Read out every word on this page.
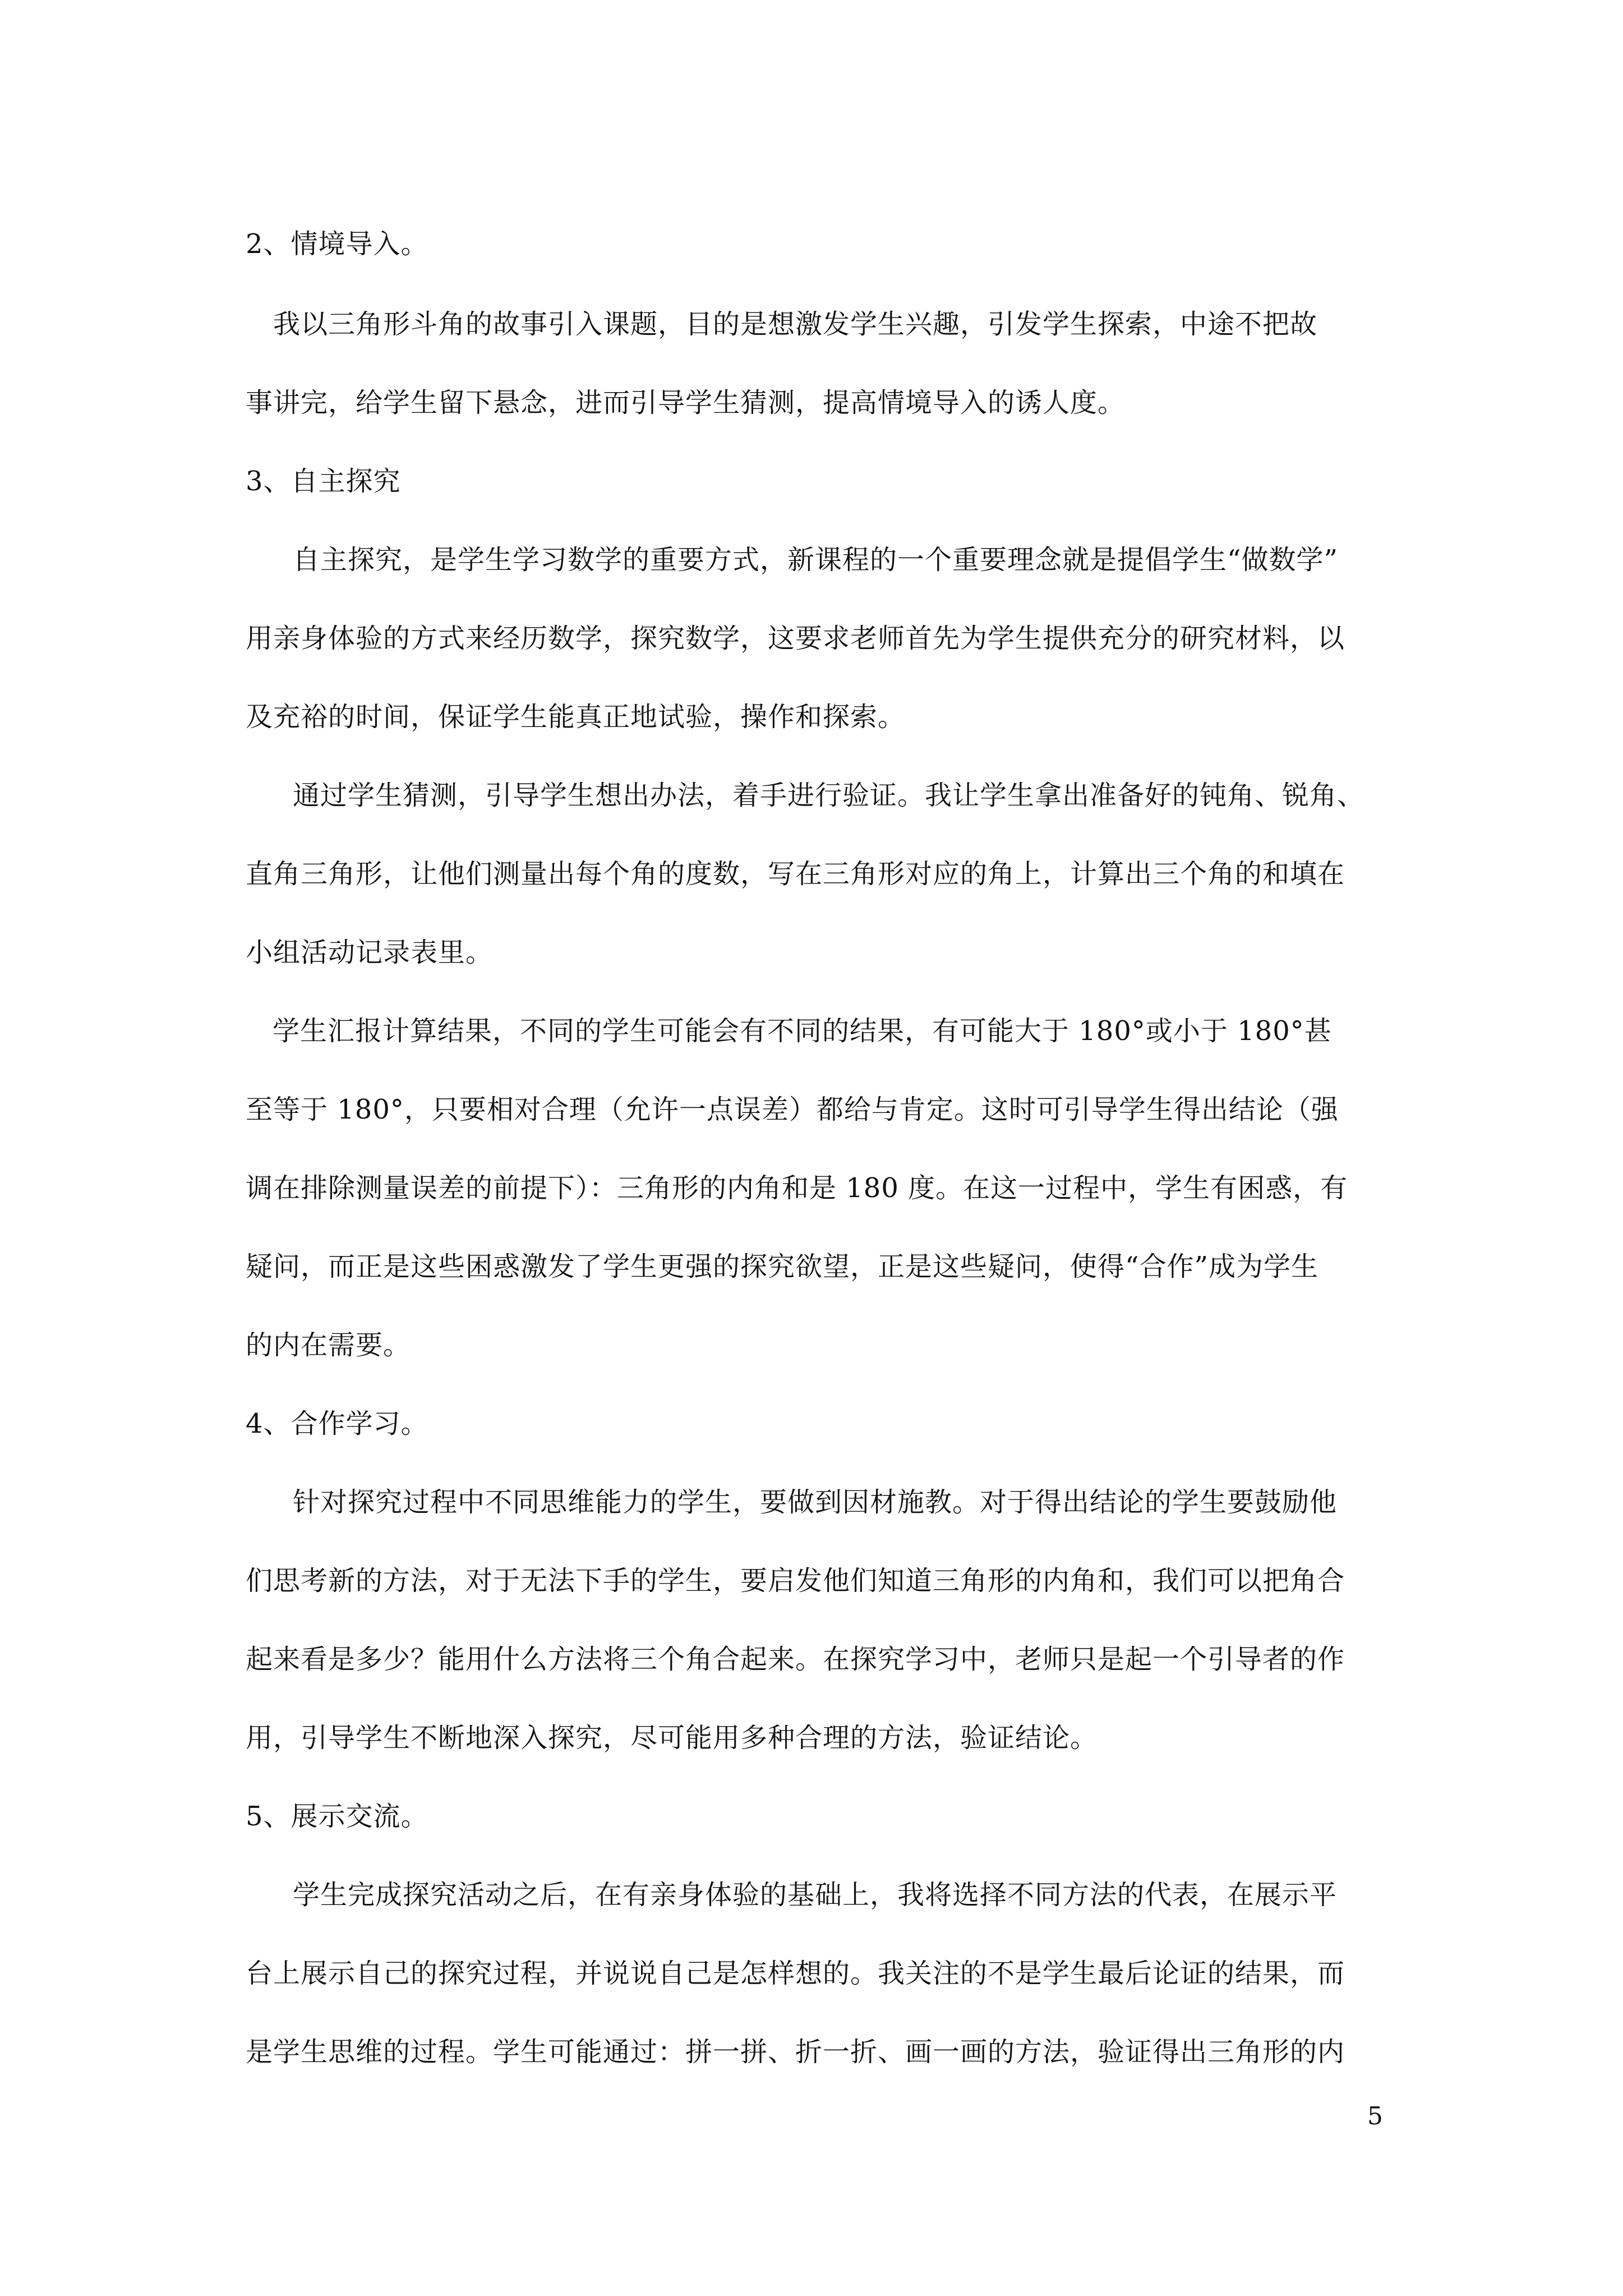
2、情境导入。
　我以三角形斗角的故事引入课题，目的是想激发学生兴趣，引发学生探索，中途不把故
事讲完，给学生留下悬念，进而引导学生猜测，提高情境导入的诱人度。
3、自主探究
自主探究，是学生学习数学的重要方式，新课程的一个重要理念就是提倡学生“做数学”
用亲身体验的方式来经历数学，探究数学，这要求老师首先为学生提供充分的研究材料，以
及充裕的时间，保证学生能真正地试验，操作和探索。
通过学生猜测，引导学生想出办法，着手进行验证。我让学生拿出准备好的钝角、锐角、
直角三角形，让他们测量出每个角的度数，写在三角形对应的角上，计算出三个角的和填在
小组活动记录表里。
学生汇报计算结果，不同的学生可能会有不同的结果，有可能大于 180°或小于 180°甚
至等于 180°，只要相对合理（允许一点误差）都给与肯定。这时可引导学生得出结论（强
调在排除测量误差的前提下）：三角形的内角和是 180 度。在这一过程中，学生有困惑，有
疑问，而正是这些困惑激发了学生更强的探究欲望，正是这些疑问，使得“合作”成为学生
的内在需要。
4、合作学习。
针对探究过程中不同思维能力的学生，要做到因材施教。对于得出结论的学生要鼓励他
们思考新的方法，对于无法下手的学生，要启发他们知道三角形的内角和，我们可以把角合
起来看是多少？能用什么方法将三个角合起来。在探究学习中，老师只是起一个引导者的作
用，引导学生不断地深入探究，尽可能用多种合理的方法，验证结论。
5、展示交流。
学生完成探究活动之后，在有亲身体验的基础上，我将选择不同方法的代表，在展示平
台上展示自己的探究过程，并说说自己是怎样想的。我关注的不是学生最后论证的结果，而
是学生思维的过程。学生可能通过：拼一拼、折一折、画一画的方法，验证得出三角形的内
5
